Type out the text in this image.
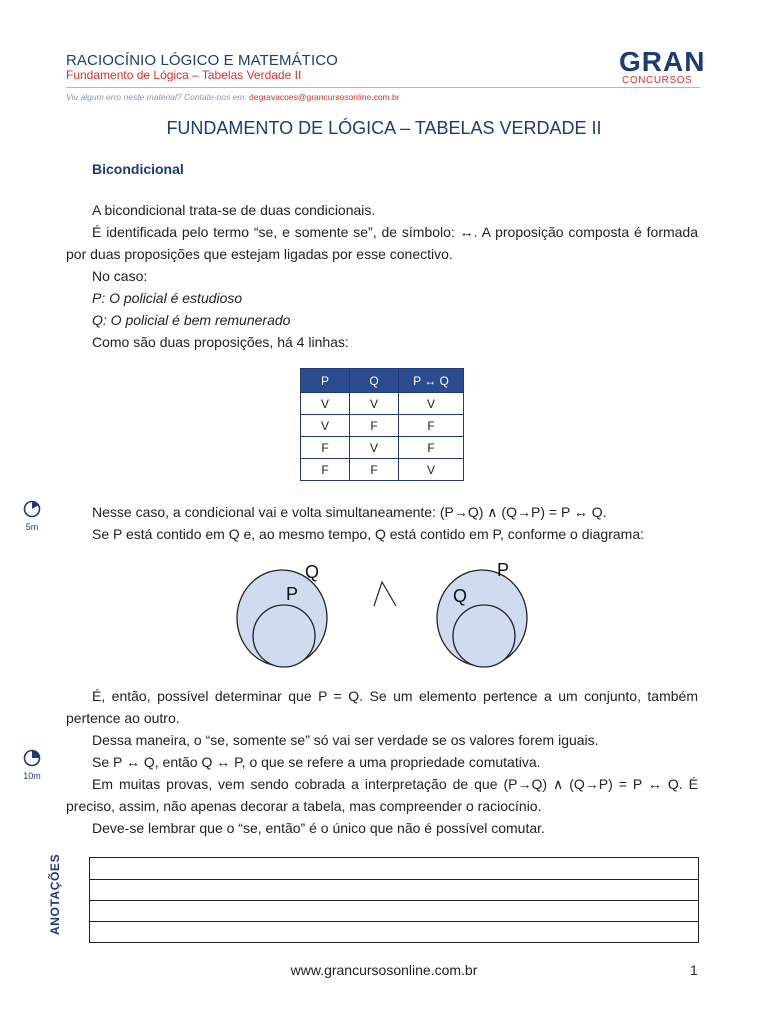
RACIOCÍNIO LÓGICO E MATEMÁTICO
Fundamento de Lógica – Tabelas Verdade II	GRAN
CONCURSOS
Viu algum erro neste material? Contate-nos em: degravacoes@grancursosonline.com.br
FUNDAMENTO DE LÓGICA – TABELAS VERDADE II
Bicondicional
A bicondicional trata-se de duas condicionais.
É identificada pelo termo “se, e somente se”, de símbolo: ↔. A proposição composta é formada por duas proposições que estejam ligadas por esse conectivo.
No caso:
P: O policial é estudioso
Q: O policial é bem remunerado
Como são duas proposições, há 4 linhas:
P	Q	P ↔ Q
V	V	V
V	F	F
F	V	F
F	F	V
5m
Nesse caso, a condicional vai e volta simultaneamente: (P→Q) ∧ (Q→P) = P ↔ Q.
Se P está contido em Q e, ao mesmo tempo, Q está contido em P, conforme o diagrama:
Q
P
P
Q
É, então, possível determinar que P = Q. Se um elemento pertence a um conjunto, também pertence ao outro.
Dessa maneira, o “se, somente se” só vai ser verdade se os valores forem iguais.
10m
Se P ↔ Q, então Q ↔ P, o que se refere a uma propriedade comutativa.
Em muitas provas, vem sendo cobrada a interpretação de que (P→Q) ∧ (Q→P) = P ↔ Q. É preciso, assim, não apenas decorar a tabela, mas compreender o raciocínio.
Deve-se lembrar que o “se, então” é o único que não é possível comutar.
ANOTAÇÕES
www.grancursosonline.com.br	1
